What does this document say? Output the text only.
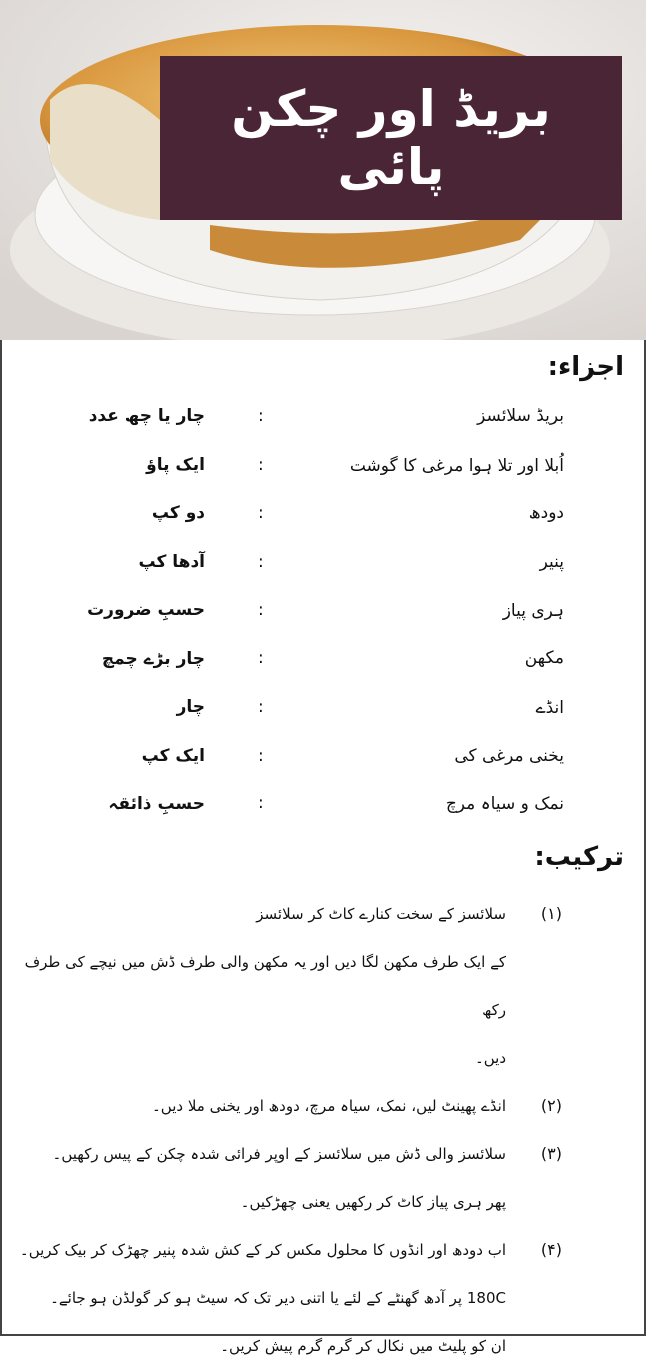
بریڈ اور چکن پائی
اجزاء:
بریڈ سلائسز
:
چار یا چھ عدد
اُبلا اور تلا ہوا مرغی کا گوشت
:
ایک پاؤ
دودھ
:
دو کپ
پنیر
:
آدھا کپ
ہری پیاز
:
حسبِ ضرورت
مکھن
:
چار بڑے چمچ
انڈے
:
چار
یخنی مرغی کی
:
ایک کپ
نمک و سیاہ مرچ
:
حسبِ ذائقہ
ترکیب:
(۱)
سلائسز کے سخت کنارے کاٹ کر سلائسز
کے ایک طرف مکھن لگا دیں اور یہ مکھن والی طرف ڈش میں نیچے کی طرف رکھ
دیں۔
(۲)
انڈے پھینٹ لیں، نمک، سیاہ مرچ، دودھ اور یخنی ملا دیں۔
(۳)
سلائسز والی ڈش میں سلائسز کے اوپر فرائی شدہ چکن کے پیس رکھیں۔
پھر ہری پیاز کاٹ کر رکھیں یعنی چھڑکیں۔
(۴)
اب دودھ اور انڈوں کا محلول مکس کر کے کش شدہ پنیر چھڑک کر بیک کریں۔
180C پر آدھ گھنٹے کے لئے یا اتنی دیر تک کہ سیٹ ہو کر گولڈن ہو جائے۔
ان کو پلیٹ میں نکال کر گرم گرم پیش کریں۔
